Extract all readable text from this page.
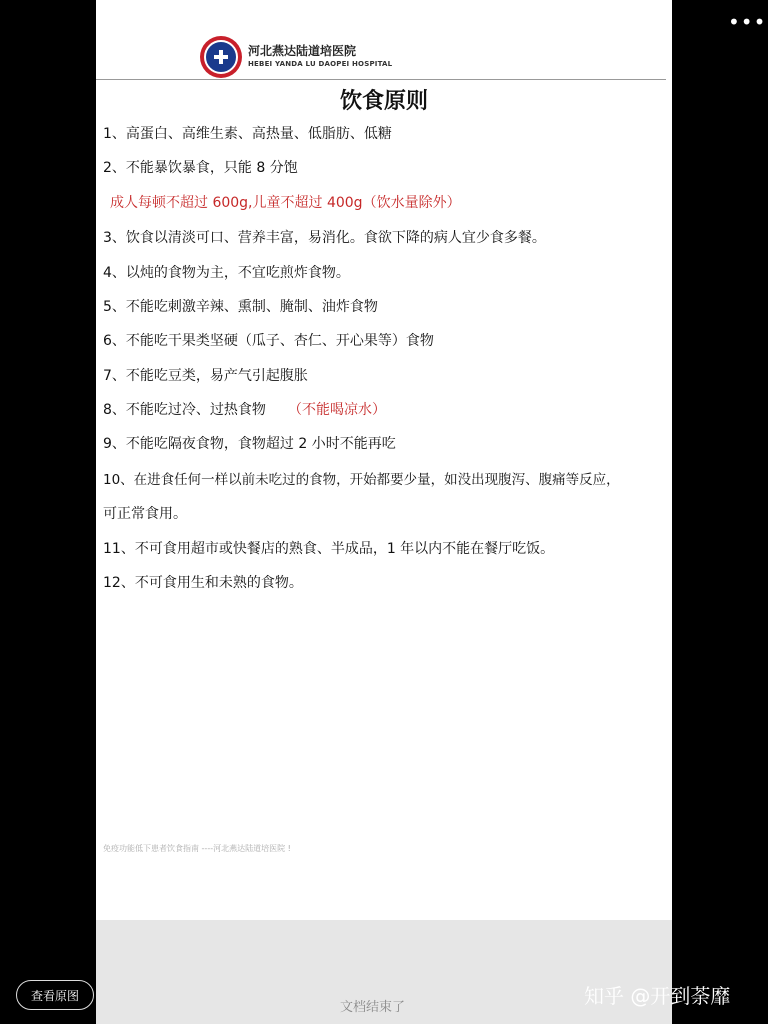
河北燕达陆道培医院
HEBEI YANDA LU DAOPEI HOSPITAL
饮食原则
1、高蛋白、高维生素、高热量、低脂肪、低糖
2、不能暴饮暴食，只能 8 分饱
成人每顿不超过 600g,儿童不超过 400g（饮水量除外）
3、饮食以清淡可口、营养丰富，易消化。食欲下降的病人宜少食多餐。
4、以炖的食物为主，不宜吃煎炸食物。
5、不能吃刺激辛辣、熏制、腌制、油炸食物
6、不能吃干果类坚硬（瓜子、杏仁、开心果等）食物
7、不能吃豆类，易产气引起腹胀
8、不能吃过冷、过热食物 （不能喝凉水）
9、不能吃隔夜食物，食物超过 2 小时不能再吃
10、在进食任何一样以前未吃过的食物，开始都要少量，如没出现腹泻、腹痛等反应，
可正常食用。
11、不可食用超市或快餐店的熟食、半成品，1 年以内不能在餐厅吃饭。
12、不可食用生和未熟的食物。
免疫功能低下患者饮食指南 ----河北燕达陆道培医院 !
查看原图
文档结束了	知乎 @开到荼靡
•••
